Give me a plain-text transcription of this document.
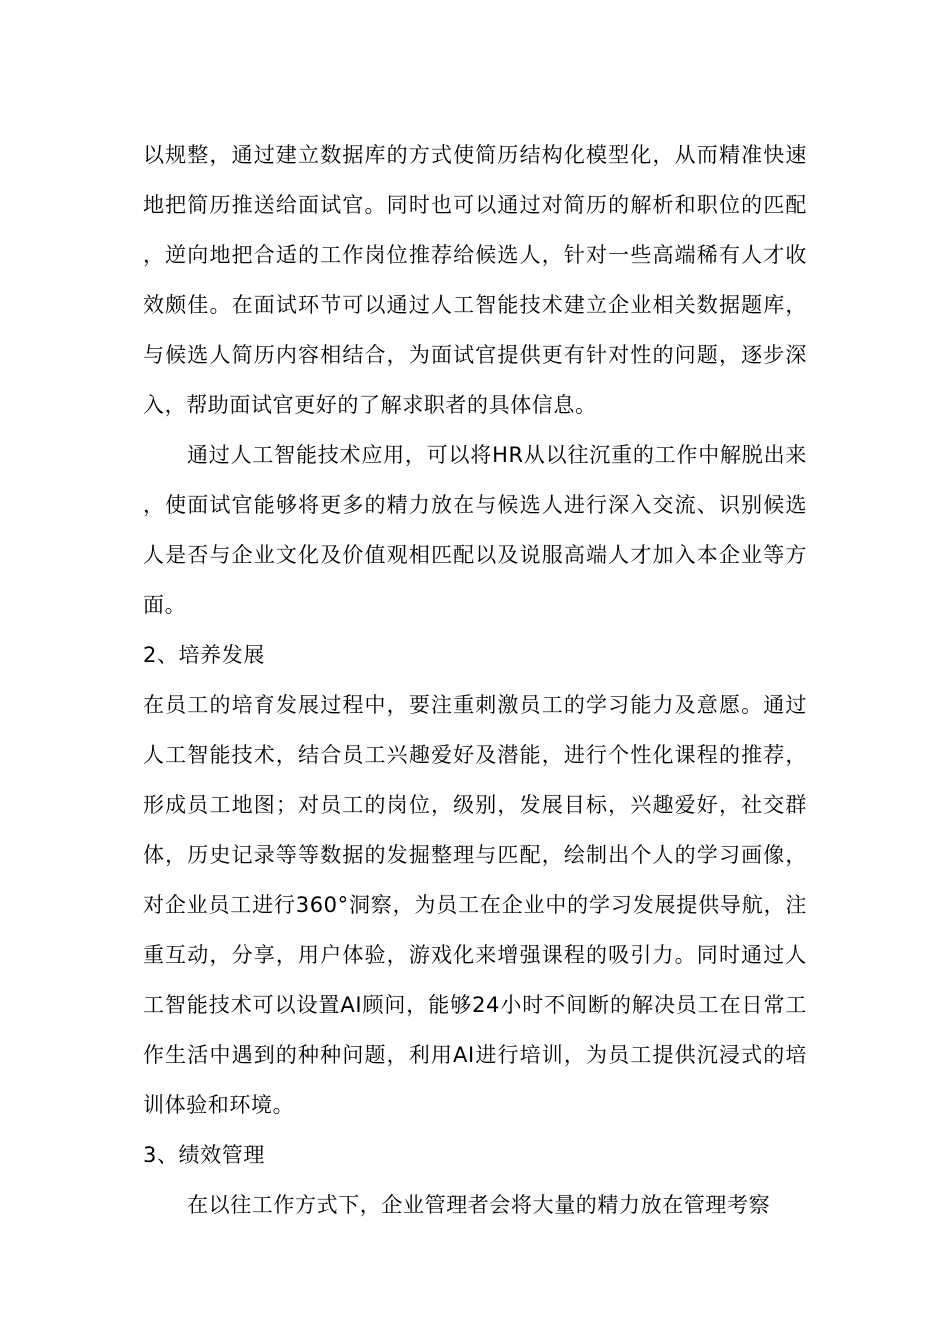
以规整，通过建立数据库的方式使简历结构化模型化，从而精准快速地把简历推送给面试官。同时也可以通过对简历的解析和职位的匹配，逆向地把合适的工作岗位推荐给候选人，针对一些高端稀有人才收效颇佳。在面试环节可以通过人工智能技术建立企业相关数据题库，与候选人简历内容相结合，为面试官提供更有针对性的问题，逐步深入，帮助面试官更好的了解求职者的具体信息。

通过人工智能技术应用，可以将HR从以往沉重的工作中解脱出来，使面试官能够将更多的精力放在与候选人进行深入交流、识别候选人是否与企业文化及价值观相匹配以及说服高端人才加入本企业等方面。

2、培养发展

在员工的培育发展过程中，要注重刺激员工的学习能力及意愿。通过人工智能技术，结合员工兴趣爱好及潜能，进行个性化课程的推荐，形成员工地图；对员工的岗位，级别，发展目标，兴趣爱好，社交群体，历史记录等等数据的发掘整理与匹配，绘制出个人的学习画像，对企业员工进行360°洞察，为员工在企业中的学习发展提供导航，注重互动，分享，用户体验，游戏化来增强课程的吸引力。同时通过人工智能技术可以设置AI顾问，能够24小时不间断的解决员工在日常工作生活中遇到的种种问题，利用AI进行培训，为员工提供沉浸式的培训体验和环境。

3、绩效管理

在以往工作方式下，企业管理者会将大量的精力放在管理考察
